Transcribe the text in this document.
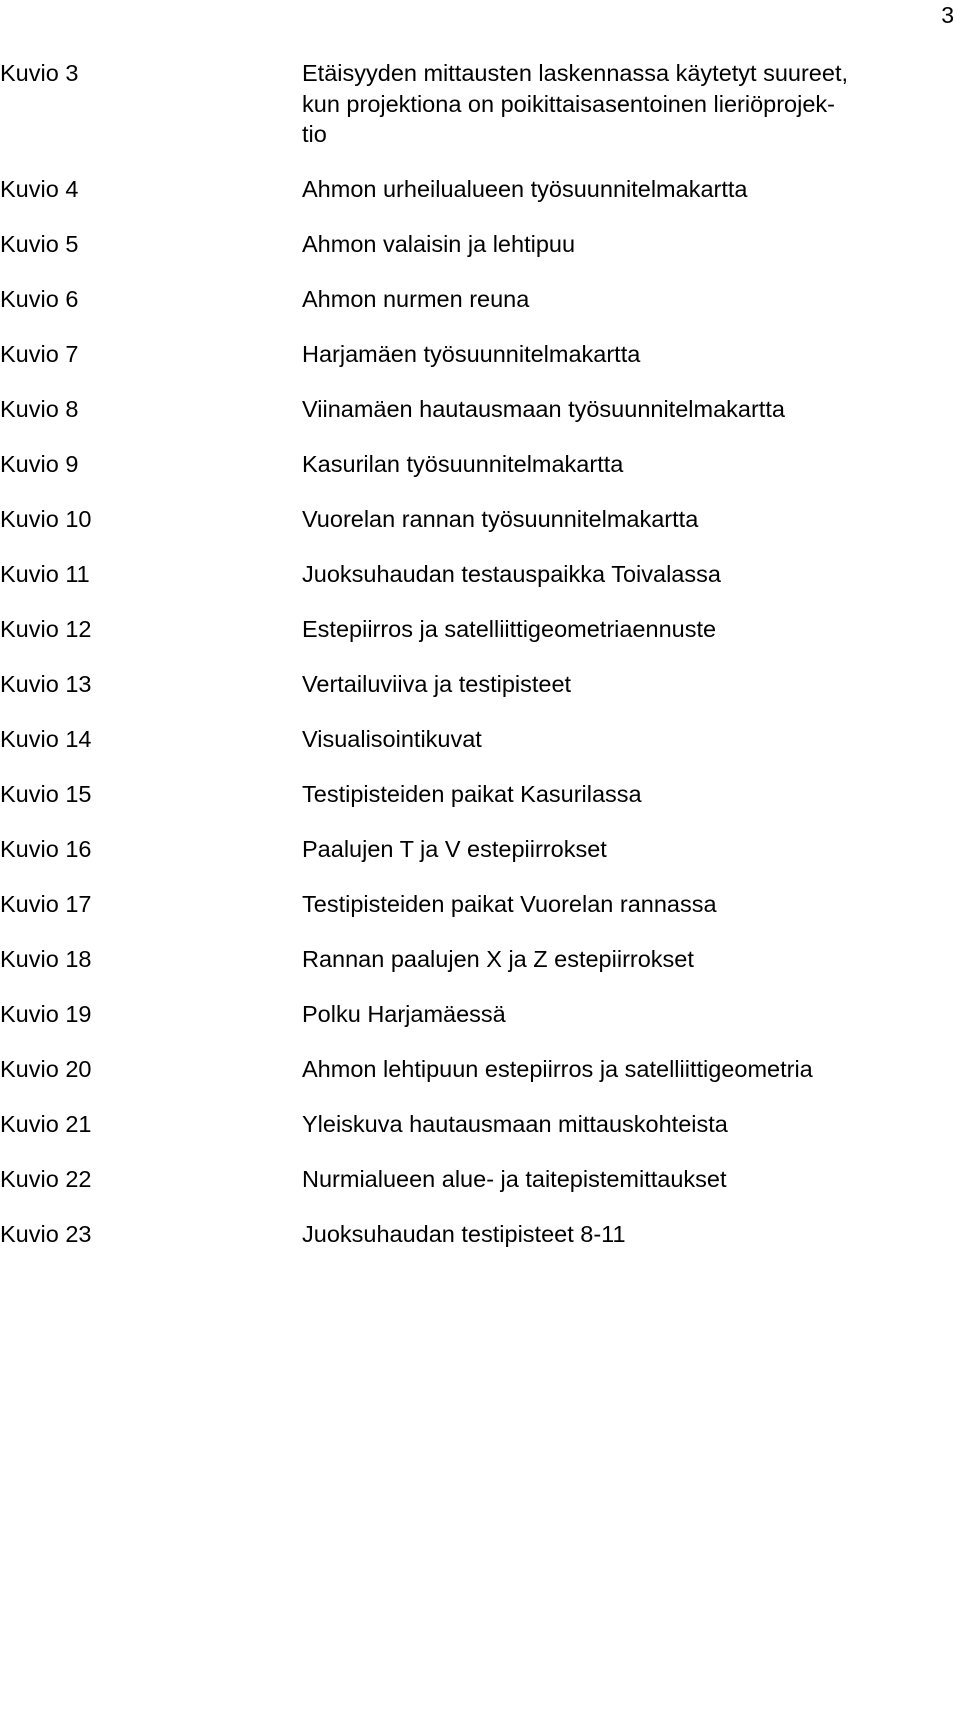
3
Kuvio 3	Etäisyyden mittausten laskennassa käytetyt suureet,
kun projektiona on poikittaisasentoinen lieriöprojek-
tio
Kuvio 4	Ahmon urheilualueen työsuunnitelmakartta
Kuvio 5	Ahmon valaisin ja lehtipuu
Kuvio 6	Ahmon nurmen reuna
Kuvio 7	Harjamäen työsuunnitelmakartta
Kuvio 8	Viinamäen hautausmaan työsuunnitelmakartta
Kuvio 9	Kasurilan työsuunnitelmakartta
Kuvio 10	Vuorelan rannan työsuunnitelmakartta
Kuvio 11	Juoksuhaudan testauspaikka Toivalassa
Kuvio 12	Estepiirros ja satelliittigeometriaennuste
Kuvio 13	Vertailuviiva ja testipisteet
Kuvio 14	Visualisointikuvat
Kuvio 15	Testipisteiden paikat Kasurilassa
Kuvio 16	Paalujen T ja V estepiirrokset
Kuvio 17	Testipisteiden paikat Vuorelan rannassa
Kuvio 18	Rannan paalujen X ja Z estepiirrokset
Kuvio 19	Polku Harjamäessä
Kuvio 20	Ahmon lehtipuun estepiirros ja satelliittigeometria
Kuvio 21	Yleiskuva hautausmaan mittauskohteista
Kuvio 22	Nurmialueen alue- ja taitepistemittaukset
Kuvio 23	Juoksuhaudan testipisteet 8-11
